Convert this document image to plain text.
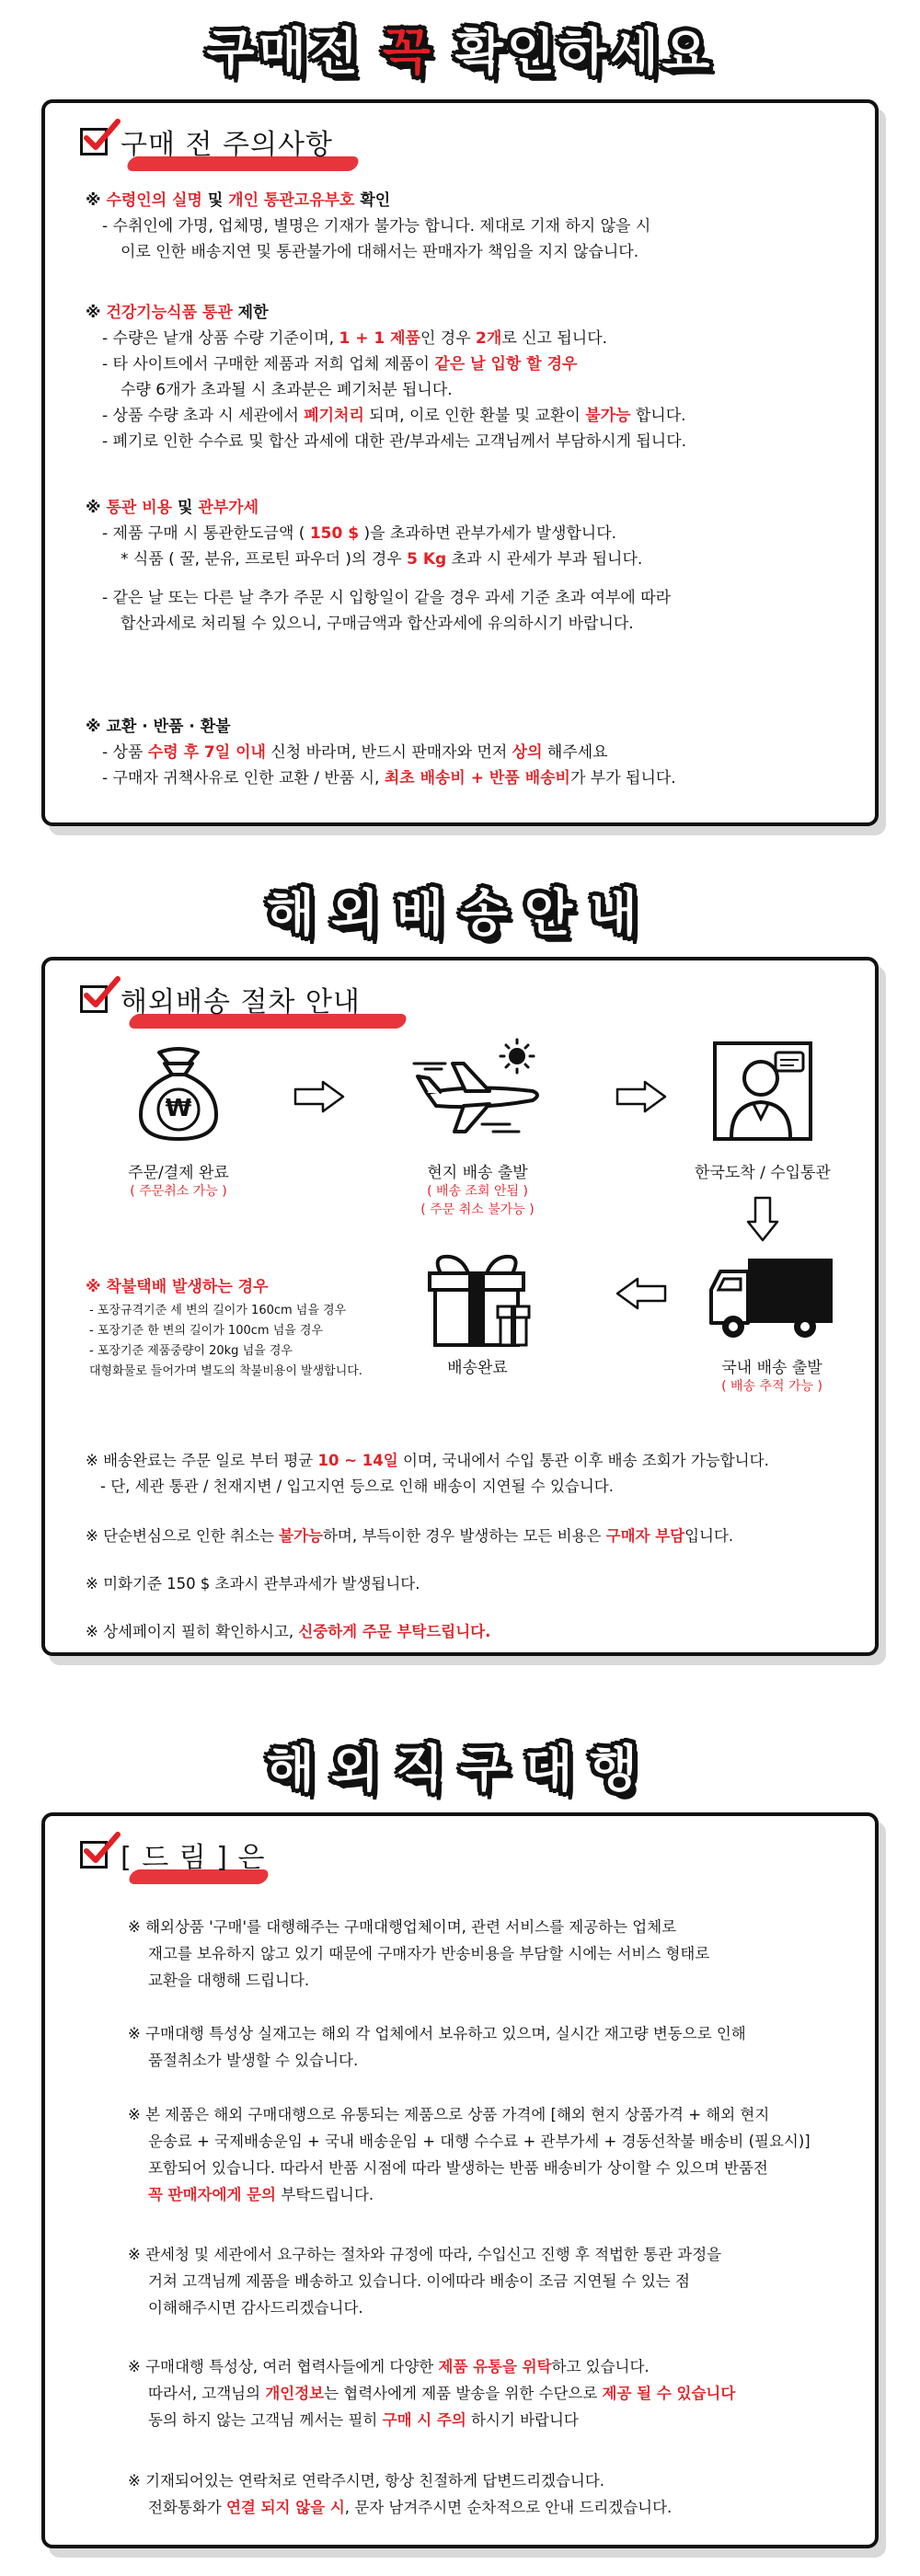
구매전 꼭 확인하세요
구매 전 주의사항

※ 수령인의 실명 및 개인 통관고유부호 확인

- 수취인에 가명, 업체명, 별명은 기재가 불가능 합니다. 제대로 기재 하지 않을 시

이로 인한 배송지연 및 통관불가에 대해서는 판매자가 책임을 지지 않습니다.

※ 건강기능식품 통관 제한

- 수량은 낱개 상품 수량 기준이며, 1 + 1 제품인 경우 2개로 신고 됩니다.

- 타 사이트에서 구매한 제품과 저희 업체 제품이 같은 날 입항 할 경우

수량 6개가 초과될 시 초과분은 폐기처분 됩니다.

- 상품 수량 초과 시 세관에서 폐기처리 되며, 이로 인한 환불 및 교환이 불가능 합니다.

- 폐기로 인한 수수료 및 합산 과세에 대한 관/부과세는 고객님께서 부담하시게 됩니다.

※ 통관 비용 및 관부가세

- 제품 구매 시 통관한도금액 ( 150 $ )을 초과하면 관부가세가 발생합니다.

* 식품 ( 꿀, 분유, 프로틴 파우더 )의 경우 5 Kg 초과 시 관세가 부과 됩니다.

- 같은 날 또는 다른 날 추가 주문 시 입항일이 같을 경우 과세 기준 초과 여부에 따라

합산과세로 처리될 수 있으니, 구매금액과 합산과세에 유의하시기 바랍니다.

※ 교환 · 반품 · 환불

- 상품 수령 후 7일 이내 신청 바라며, 반드시 판매자와 먼저 상의 해주세요

- 구매자 귀책사유로 인한 교환 / 반품 시, 최초 배송비 + 반품 배송비가 부가 됩니다.

해외배송안내
해외배송 절차 안내
₩
주문/결제 완료
( 주문취소 가능 )
현지 배송 출발
( 배송 조회 안됨 )
( 주문 취소 불가능 )
한국도착 / 수입통관
국내 배송 출발
( 배송 추적 가능 )
배송완료

※ 착불택배 발생하는 경우

- 포장규격기준 세 변의 길이가 160cm 넘을 경우

- 포장기준 한 변의 길이가 100cm 넘을 경우

- 포장기준 제품중량이 20kg 넘을 경우

대형화물로 들어가며 별도의 착불비용이 발생합니다.

※ 배송완료는 주문 일로 부터 평균 10 ~ 14일 이며, 국내에서 수입 통관 이후 배송 조회가 가능합니다.

- 단, 세관 통관 / 천재지변 / 입고지연 등으로 인해 배송이 지연될 수 있습니다.

※ 단순변심으로 인한 취소는 불가능하며, 부득이한 경우 발생하는 모든 비용은 구매자 부담입니다.

※ 미화기준 150 $ 초과시 관부과세가 발생됩니다.

※ 상세페이지 필히 확인하시고, 신중하게 주문 부탁드립니다.

해외직구대행
[ 드 림 ] 은

※ 해외상품 '구매'를 대행해주는 구매대행업체이며, 관련 서비스를 제공하는 업체로

재고를 보유하지 않고 있기 때문에 구매자가 반송비용을 부담할 시에는 서비스 형태로

교환을 대행해 드립니다.

※ 구매대행 특성상 실재고는 해외 각 업체에서 보유하고 있으며, 실시간 재고량 변동으로 인해

품절취소가 발생할 수 있습니다.

※ 본 제품은 해외 구매대행으로 유통되는 제품으로 상품 가격에 [해외 현지 상품가격 + 해외 현지

운송료 + 국제배송운임 + 국내 배송운임 + 대행 수수료 + 관부가세 + 경동선착불 배송비 (필요시)]

포함되어 있습니다. 따라서 반품 시점에 따라 발생하는 반품 배송비가 상이할 수 있으며 반품전

꼭 판매자에게 문의 부탁드립니다.

※ 관세청 및 세관에서 요구하는 절차와 규정에 따라, 수입신고 진행 후 적법한 통관 과정을

거쳐 고객님께 제품을 배송하고 있습니다. 이에따라 배송이 조금 지연될 수 있는 점

이해해주시면 감사드리겠습니다.

※ 구매대행 특성상, 여러 협력사들에게 다양한 제품 유통을 위탁하고 있습니다.

따라서, 고객님의 개인정보는 협력사에게 제품 발송을 위한 수단으로 제공 될 수 있습니다

동의 하지 않는 고객님 께서는 필히 구매 시 주의 하시기 바랍니다

※ 기재되어있는 연락처로 연락주시면, 항상 친절하게 답변드리겠습니다.

전화통화가 연결 되지 않을 시, 문자 남겨주시면 순차적으로 안내 드리겠습니다.
